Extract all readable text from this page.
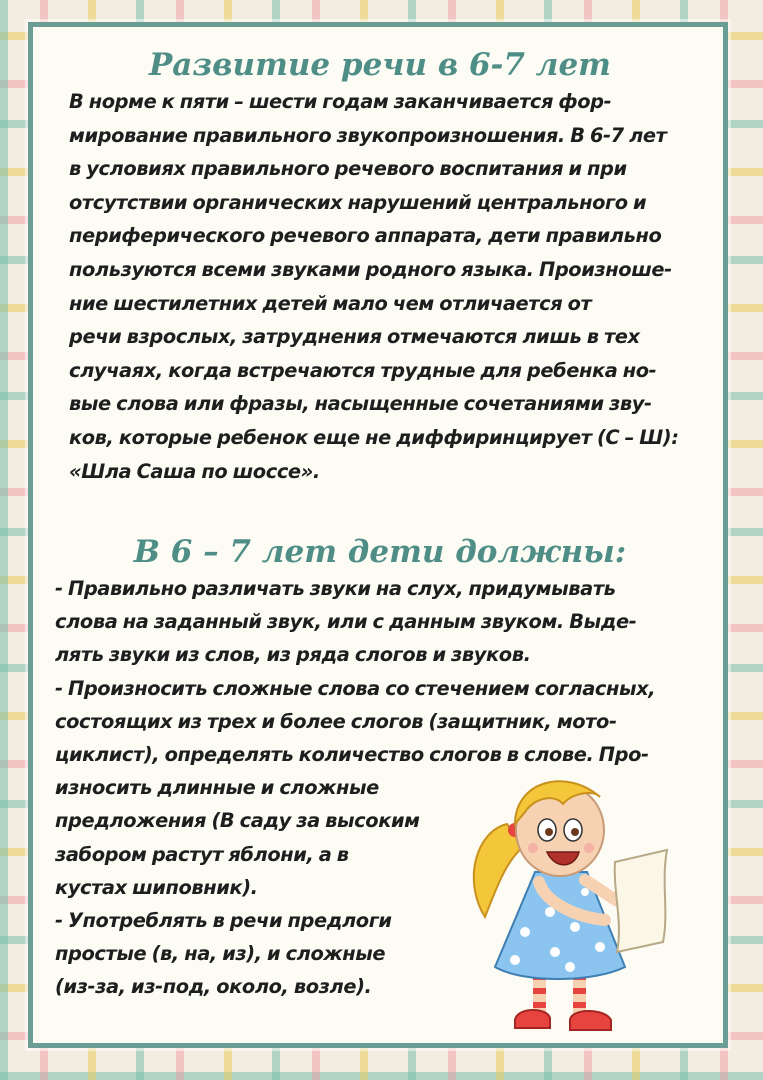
Развитие речи в 6-7 лет
В норме к пяти – шести годам заканчивается фор-
мирование правильного звукопроизношения. В 6-7 лет
в условиях правильного речевого воспитания и при
отсутствии органических нарушений центрального и
периферического речевого аппарата, дети правильно
пользуются всеми звуками родного языка. Произноше-
ние шестилетних детей мало чем отличается от
речи взрослых, затруднения отмечаются лишь в тех
случаях, когда встречаются трудные для ребенка но-
вые слова или фразы, насыщенные сочетаниями зву-
ков, которые ребенок еще не диффиринцирует (С – Ш):
«Шла Саша по шоссе».
В 6 – 7 лет дети должны:
- Правильно различать звуки на слух, придумывать
слова на заданный звук, или с данным звуком. Выде-
лять звуки из слов, из ряда слогов и звуков.
- Произносить сложные слова со стечением согласных,
состоящих из трех и более слогов (защитник, мото-
циклист), определять количество слогов в слове. Про-
износить длинные и сложные
предложения (В саду за высоким
забором растут яблони, а в
кустах шиповник).
- Употреблять в речи предлоги
простые (в, на, из), и сложные
(из-за, из-под, около, возле).
